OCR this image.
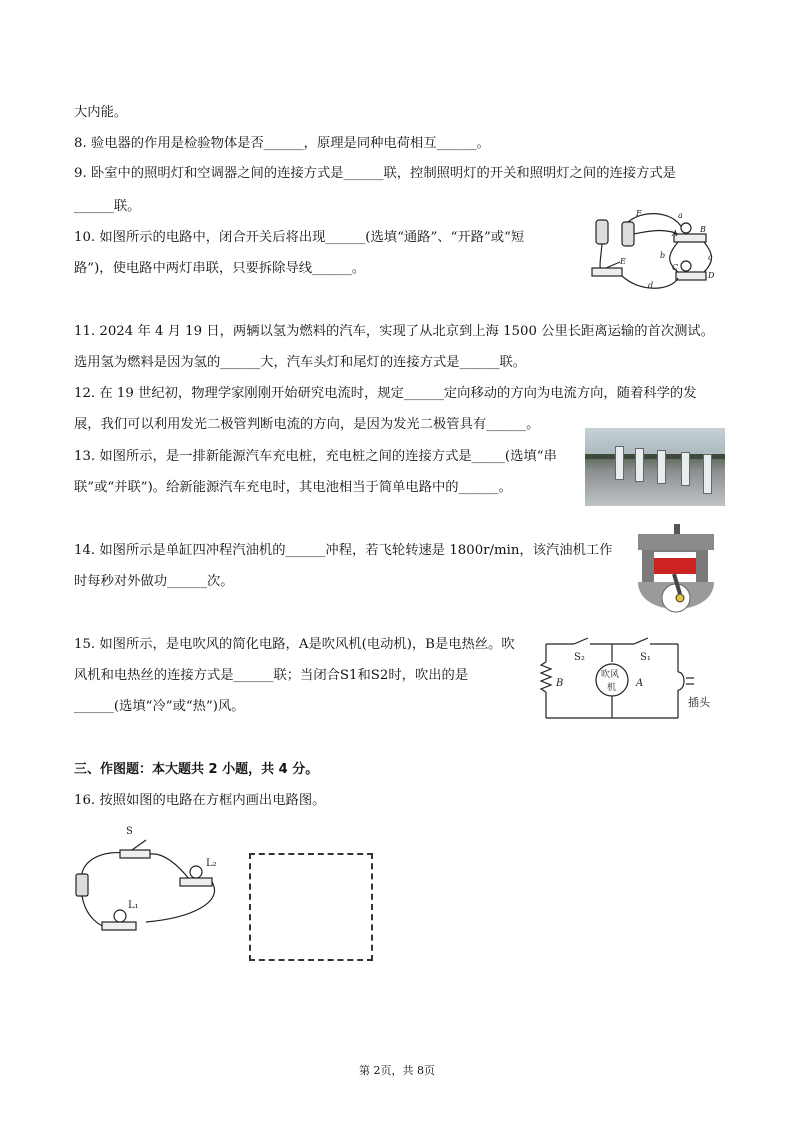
大内能。
8. 验电器的作用是检验物体是否______，原理是同种电荷相互______。
9. 卧室中的照明灯和空调器之间的连接方式是______联，控制照明灯的开关和照明灯之间的连接方式是
______联。
10. 如图所示的电路中，闭合开关后将出现______(选填“通路”、“开路”或“短
路”)，使电路中两灯串联，只要拆除导线______。
11. 2024 年 4 月 19 日，两辆以氢为燃料的汽车，实现了从北京到上海 1500 公里长距离运输的首次测试。
选用氢为燃料是因为氢的______大，汽车头灯和尾灯的连接方式是______联。
12. 在 19 世纪初，物理学家刚刚开始研究电流时，规定______定向移动的方向为电流方向，随着科学的发
展，我们可以利用发光二极管判断电流的方向，是因为发光二极管具有______。
13. 如图所示，是一排新能源汽车充电桩，充电桩之间的连接方式是_____(选填“串
联”或“并联”)。给新能源汽车充电时，其电池相当于简单电路中的______。
14. 如图所示是单缸四冲程汽油机的______冲程，若飞轮转速是 1800r/min，该汽油机工作
时每秒对外做功______次。
15. 如图所示，是电吹风的简化电路，A是吹风机(电动机)，B是电热丝。吹
风机和电热丝的连接方式是______联；当闭合S1和S2时，吹出的是
______(选填“冷”或“热”)风。
三、作图题：本大题共 2 小题，共 4 分。
16. 按照如图的电路在方框内画出电路图。
F	a
A	B
b	c
C
D
d
E
S₂	S₁
B	A
吹风
机
插头
S
L₂
L₁
第 2页，共 8页
